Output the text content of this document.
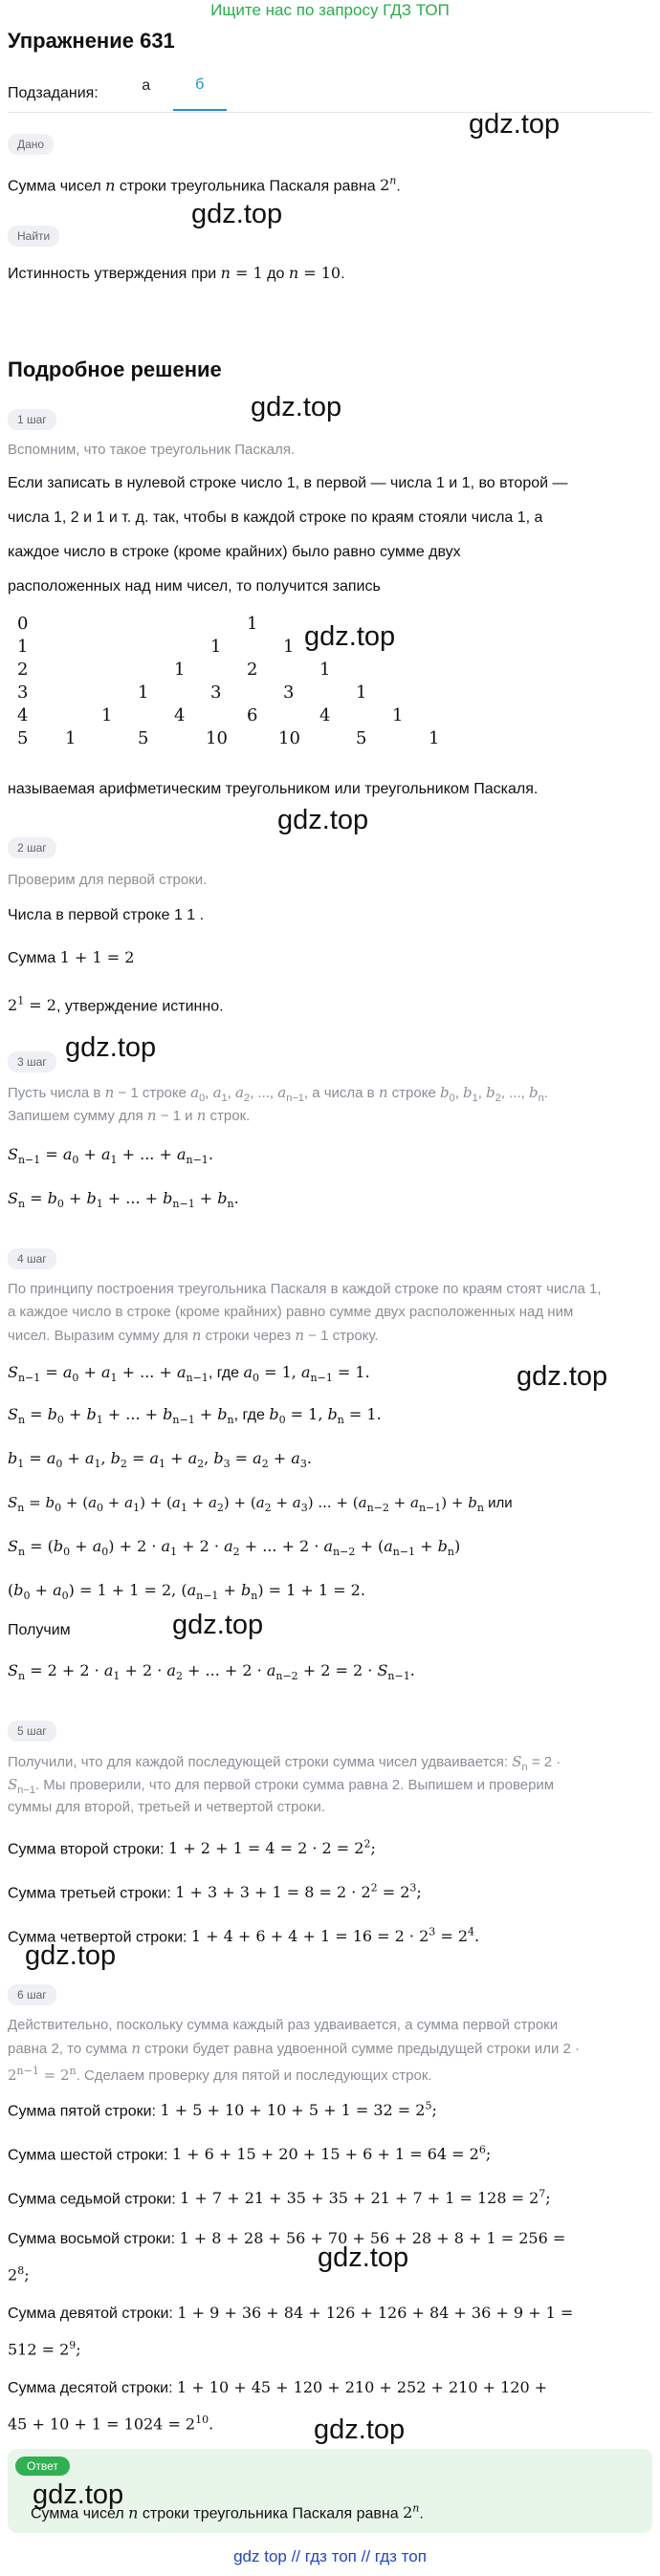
Ищите нас по запросу ГДЗ ТОП
Упражнение 631
Подзадания:	а	б
Дано
Сумма чисел n строки треугольника Паскаля равна 2$^n$.
Найти
Истинность утверждения при n = 1 до n = 10.
Подробное решение
1 шаг
Вспомним, что такое треугольник Паскаля.
Если записать в нулевой строке число 1, в первой — числа 1 и 1, во второй —
числа 1, 2 и 1 и т. д. так, чтобы в каждой строке по краям стояли числа 1, а
каждое число в строке (кроме крайних) было равно сумме двух
расположенных над ним чисел, то получится запись
0	1
1	1	1
2	1	2	1
3	1	3	3	1
4	1	4	6	4	1
5 1	5	10	10	5	1
называемая арифметическим треугольником или треугольником Паскаля.
2 шаг
Проверим для первой строки.
Числа в первой строке 1 1 .
Сумма 1 + 1 = 2
$2^1 = 2$, утверждение истинно.
3 шаг
Пусть числа в n − 1 строке $a_0$, $a_1$, $a_2$, ..., $a_{n-1}$, а числа в n строке $b_0$, $b_1$, $b_2$, ..., $b_n$.
Запишем сумму для n − 1 и n строк.
$S_{n-1} = a_0 + a_1$ + ... + $a_{n-1}$.
$S_n = b_0 + b_1$ + ... + $b_{n-1} + b_n$.
4 шаг
По принципу построения треугольника Паскаля в каждой строке по краям стоят числа 1,
а каждое число в строке (кроме крайних) равно сумме двух расположенных над ним
чисел. Выразим сумму для n строки через n − 1 строку.
$S_{n-1} = a_0 + a_1$ + ... + $a_{n-1}$, где $a_0 = 1$, $a_{n-1} = 1$.
$S_n = b_0 + b_1$ + ... + $b_{n-1} + b_n$, где $b_0 = 1$, $b_n = 1$.
$b_1 = a_0 + a_1$, $b_2 = a_1 + a_2$, $b_3 = a_2 + a_3$.
$S_n = b_0 + (a_0 + a_1) + (a_1 + a_2) + (a_2 + a_3)$ ... + $(a_{n-2} + a_{n-1}) + b_n$ или
$S_n = (b_0 + a_0) + 2 \cdot a_1 + 2 \cdot a_2$ + ... + $2 \cdot a_{n-2} + (a_{n-1} + b_n)$
$(b_0 + a_0) = 1 + 1 = 2$, $(a_{n-1} + b_n) = 1 + 1 = 2$.
Получим
$S_n = 2 + 2 \cdot a_1 + 2 \cdot a_2$ + ... + $2 \cdot a_{n-2} + 2 = 2 \cdot S_{n-1}$.
5 шаг
Получили, что для каждой последующей строки сумма чисел удваивается: $S_n = 2$ ·
$S_{n-1}$. Мы проверили, что для первой строки сумма равна 2. Выпишем и проверим
суммы для второй, третьей и четвертой строки.
Сумма второй строки: $1 + 2 + 1 = 4 = 2 \cdot 2 = 2^2$;
Сумма третьей строки: $1 + 3 + 3 + 1 = 8 = 2 \cdot 2^2 = 2^3$;
Сумма четвертой строки: $1 + 4 + 6 + 4 + 1 = 16 = 2 \cdot 2^3 = 2^4$.
6 шаг
Действительно, поскольку сумма каждый раз удваивается, а сумма первой строки
равна 2, то сумма n строки будет равна удвоенной сумме предыдущей строки или 2 ·
$2^{n-1} = 2^n$. Сделаем проверку для пятой и последующих строк.
Сумма пятой строки: $1 + 5 + 10 + 10 + 5 + 1 = 32 = 2^5$;
Сумма шестой строки: $1 + 6 + 15 + 20 + 15 + 6 + 1 = 64 = 2^6$;
Сумма седьмой строки: $1 + 7 + 21 + 35 + 35 + 21 + 7 + 1 = 128 = 2^7$;
Сумма восьмой строки: 1 + 8 + 28 + 56 + 70 + 56 + 28 + 8 + 1 = 256 =
$2^8$;
Сумма девятой строки: 1 + 9 + 36 + 84 + 126 + 126 + 84 + 36 + 9 + 1 =
$512 = 2^9$;
Сумма десятой строки: 1 + 10 + 45 + 120 + 210 + 252 + 210 + 120 +
$45 + 10 + 1 = 1024 = 2^{10}$.
Ответ
Сумма чисел n строки треугольника Паскаля равна 2$^n$.
gdz.top
gdz.top
gdz.top
gdz.top
gdz.top
gdz.top
gdz.top
gdz.top
gdz.top
gdz.top
gdz.top
gdz.top
gdz top // гдз топ // гдз топ
